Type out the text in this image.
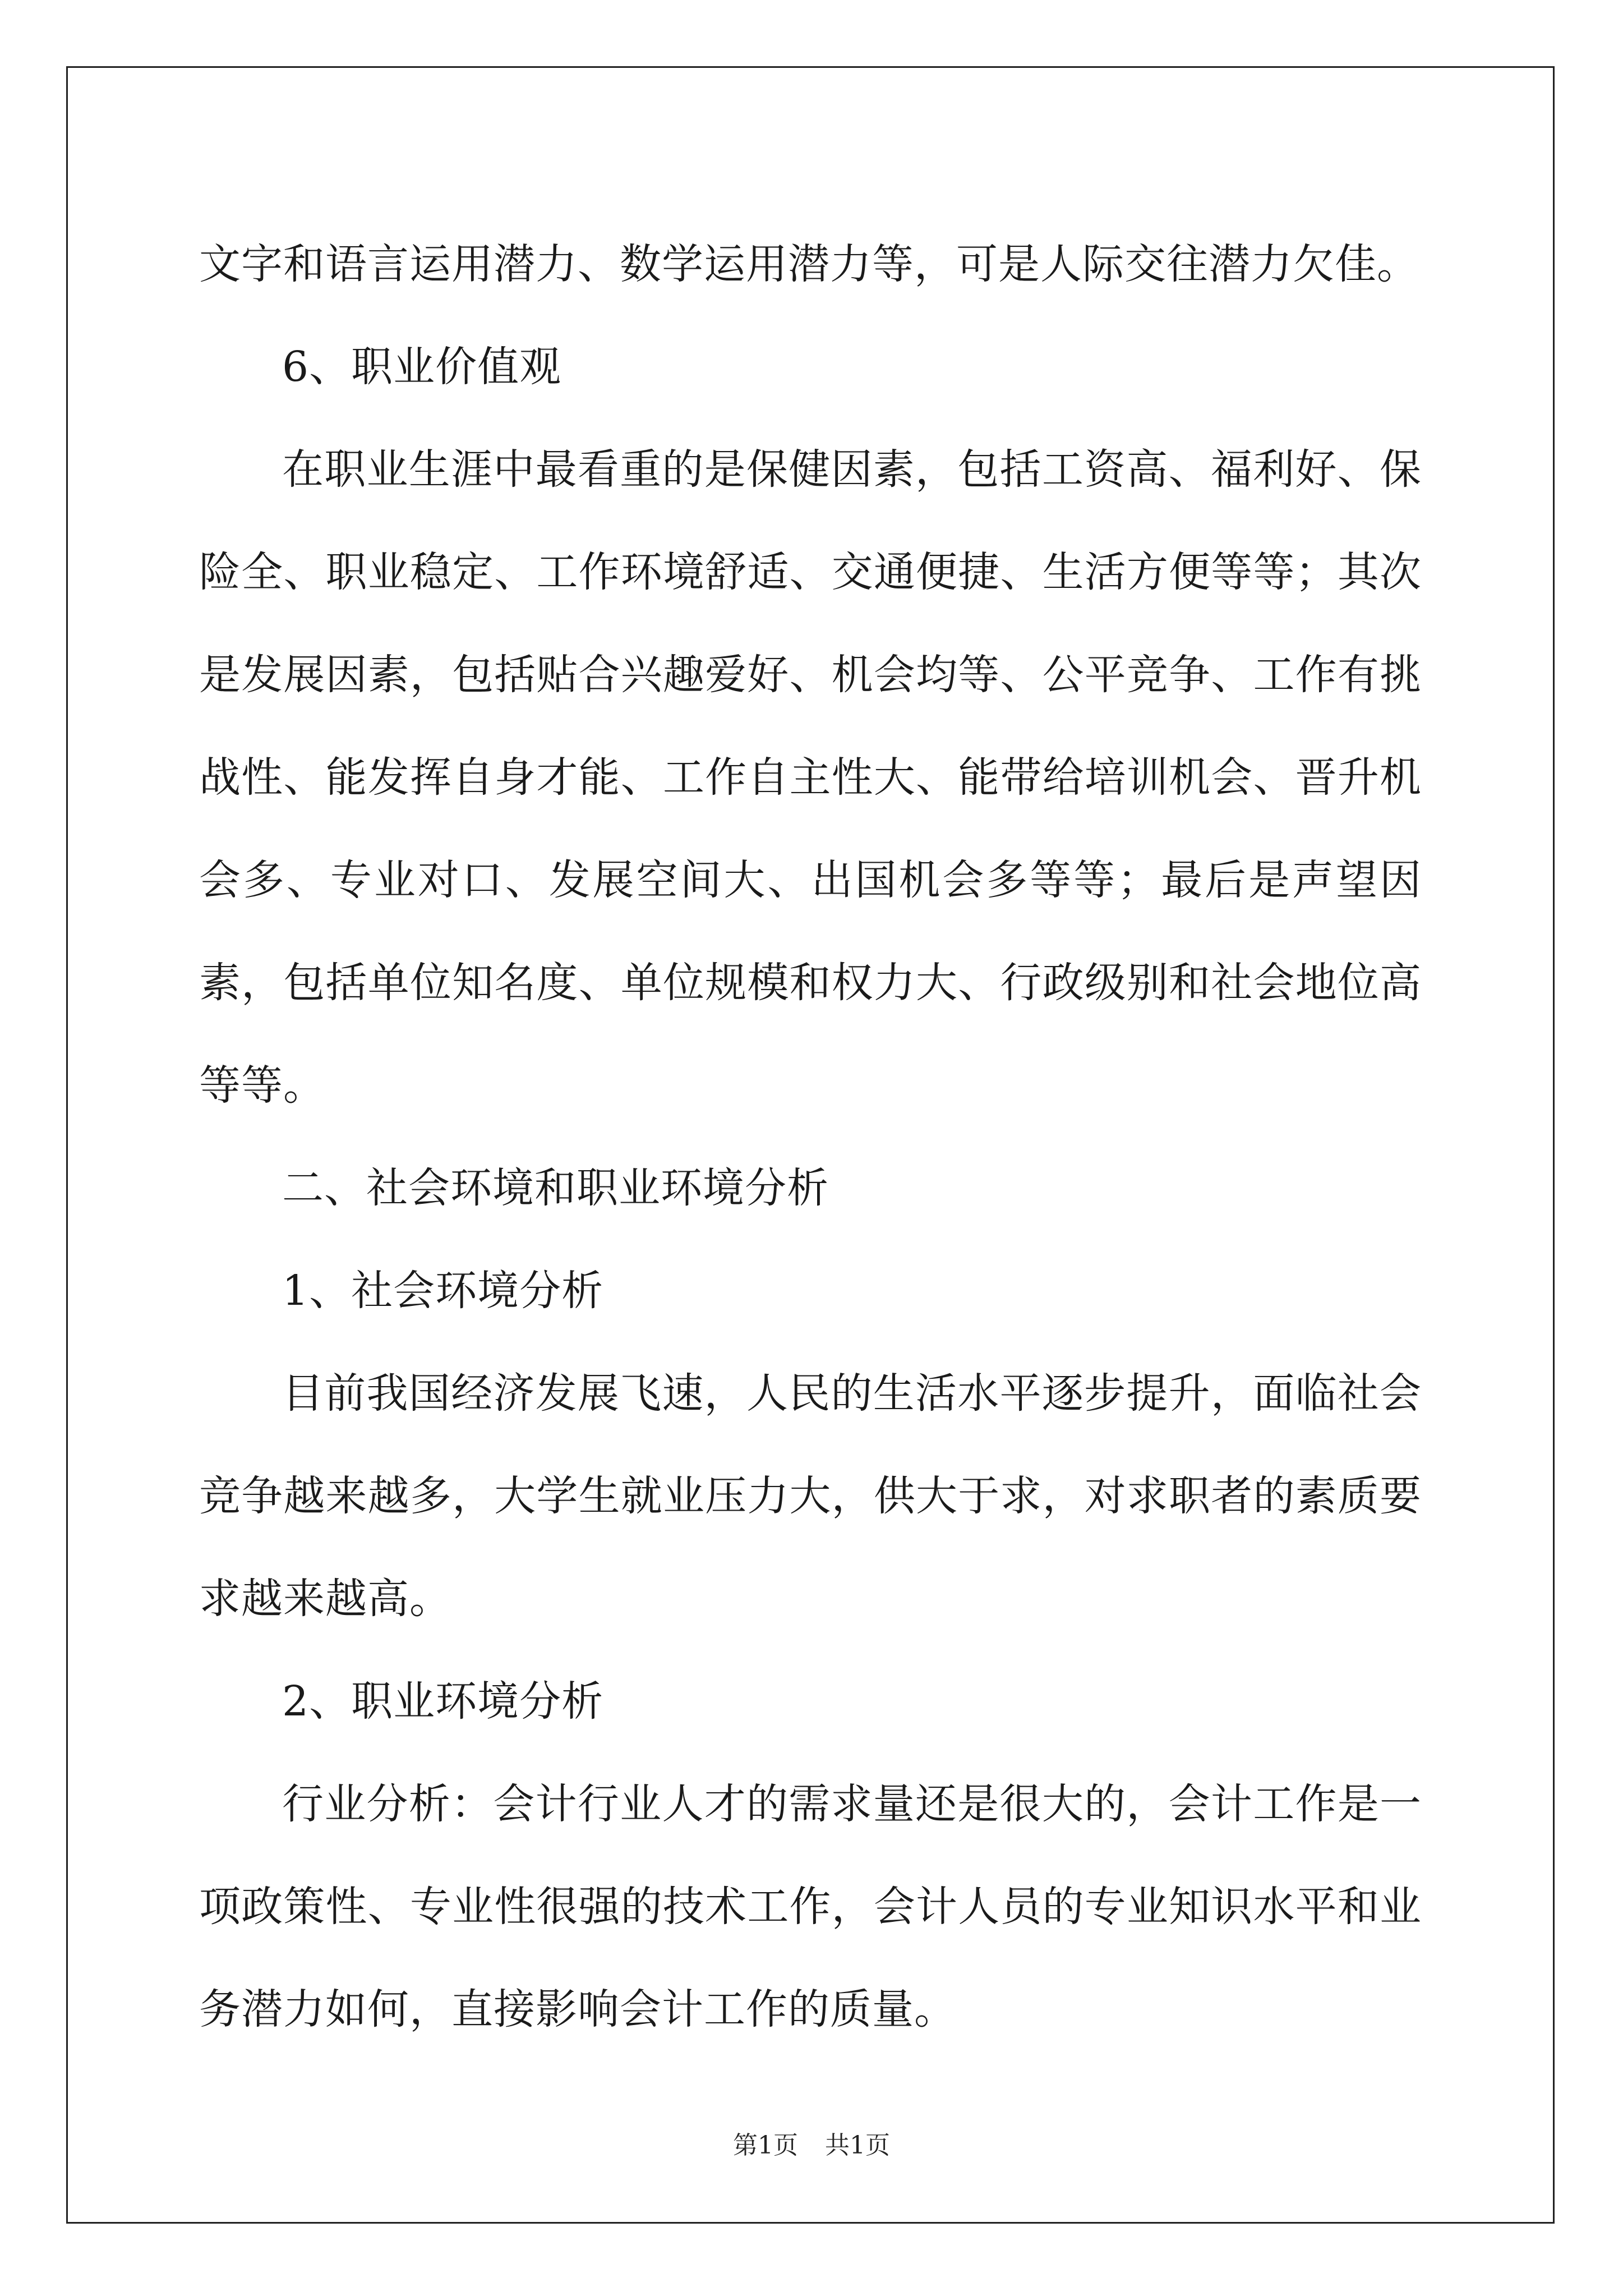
文字和语言运用潜力、数学运用潜力等，可是人际交往潜力欠佳。

6、职业价值观

在职业生涯中最看重的是保健因素，包括工资高、福利好、保险全、职业稳定、工作环境舒适、交通便捷、生活方便等等；其次是发展因素，包括贴合兴趣爱好、机会均等、公平竞争、工作有挑战性、能发挥自身才能、工作自主性大、能带给培训机会、晋升机会多、专业对口、发展空间大、出国机会多等等；最后是声望因素，包括单位知名度、单位规模和权力大、行政级别和社会地位高等等。

二、社会环境和职业环境分析

1、社会环境分析

目前我国经济发展飞速，人民的生活水平逐步提升，面临社会竞争越来越多，大学生就业压力大，供大于求，对求职者的素质要求越来越高。

2、职业环境分析

行业分析：会计行业人才的需求量还是很大的，会计工作是一项政策性、专业性很强的技术工作，会计人员的专业知识水平和业务潜力如何，直接影响会计工作的质量。

第1页 共1页
